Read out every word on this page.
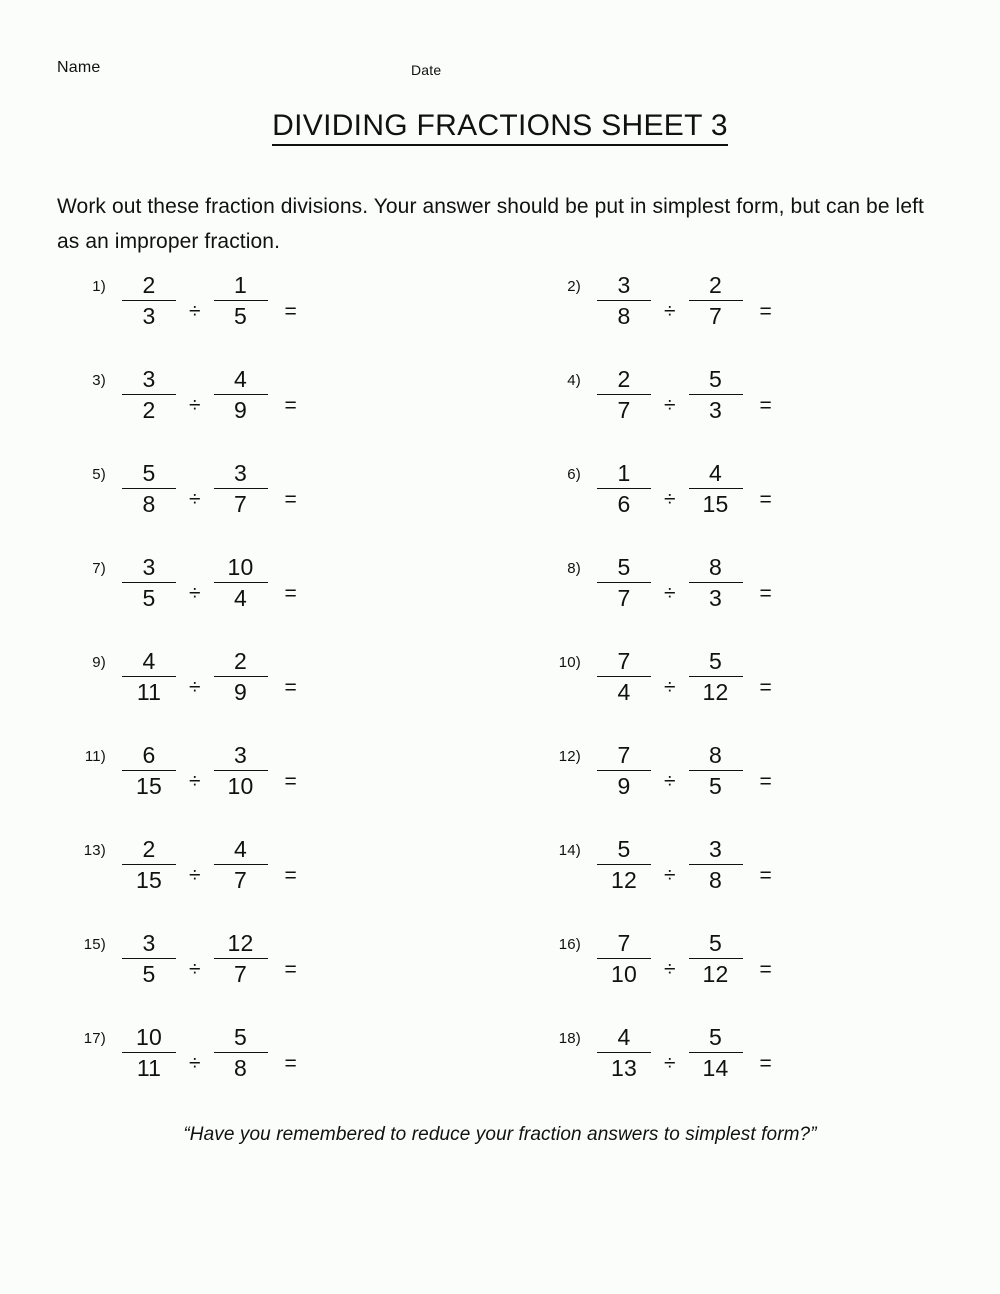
Name	Date
DIVIDING FRACTIONS SHEET 3
Work out these fraction divisions. Your answer should be put in simplest form, but can be left as an improper fraction.
$1) \frac{2}{3} \div \frac{1}{5}$ =
$2) \frac{3}{8} \div \frac{2}{7}$ =
$3) \frac{3}{2} \div \frac{4}{9}$ =
$4) \frac{2}{7} \div \frac{5}{3}$ =
$5) \frac{5}{8} \div \frac{3}{7}$ =
$6) \frac{1}{6} \div \frac{4}{15}$ =
$7) \frac{3}{5} \div \frac{10}{4}$ =
$8) \frac{5}{7} \div \frac{8}{3}$ =
$9) \frac{4}{11} \div \frac{2}{9}$ =
$10) \frac{7}{4} \div \frac{5}{12}$ =
$11) \frac{6}{15} \div \frac{3}{10}$ =
$12) \frac{7}{9} \div \frac{8}{5}$ =
$13) \frac{2}{15} \div \frac{4}{7}$ =
$14) \frac{5}{12} \div \frac{3}{8}$ =
$15) \frac{3}{5} \div \frac{12}{7}$ =
$16) \frac{7}{10} \div \frac{5}{12}$ =
$17) \frac{10}{11} \div \frac{5}{8}$ =
$18) \frac{4}{13} \div \frac{5}{14}$ =
“Have you remembered to reduce your fraction answers to simplest form?”
